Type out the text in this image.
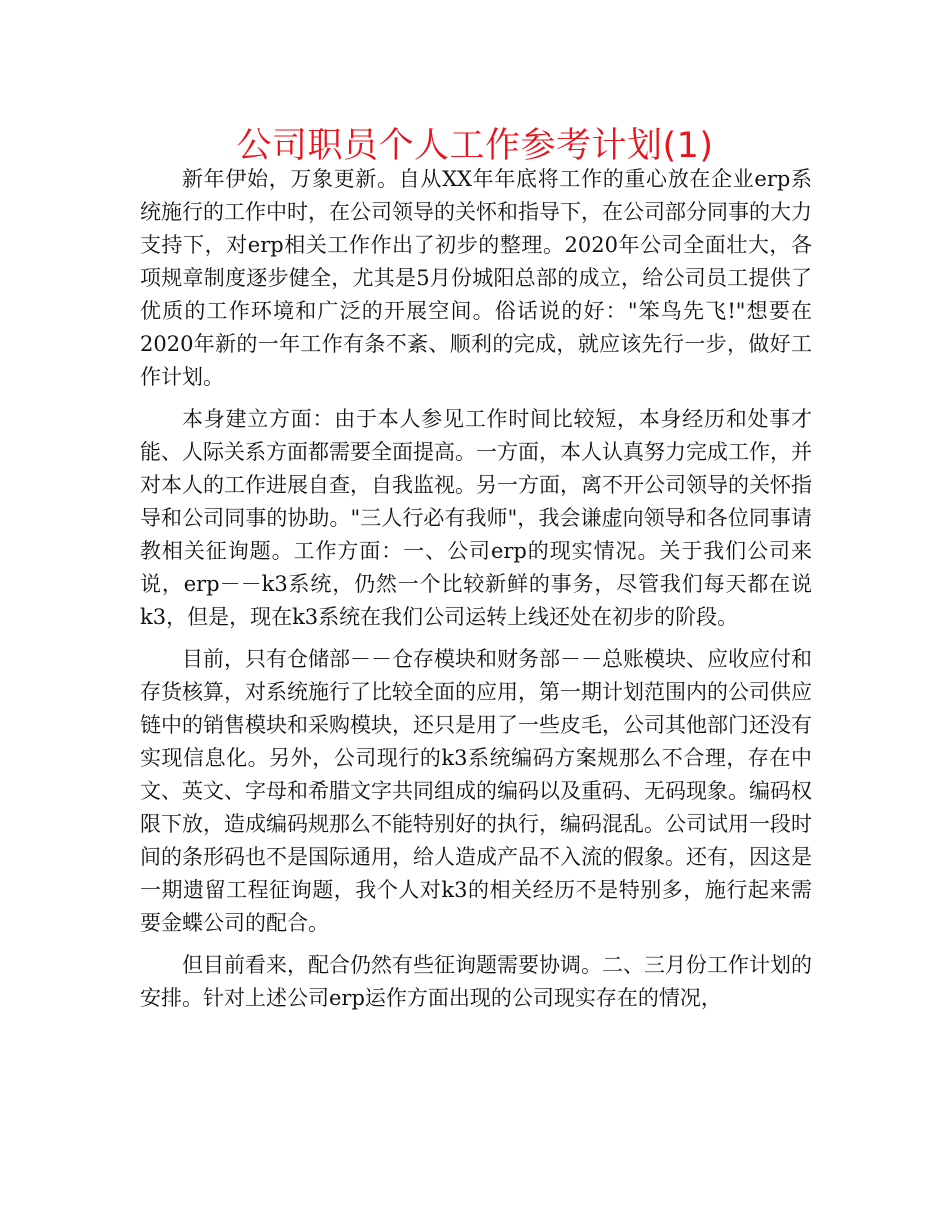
公司职员个人工作参考计划(1)

新年伊始，万象更新。自从XX年年底将工作的重心放在企业erp系统施行的工作中时，在公司领导的关怀和指导下，在公司部分同事的大力支持下，对erp相关工作作出了初步的整理。2020年公司全面壮大，各项规章制度逐步健全，尤其是5月份城阳总部的成立，给公司员工提供了优质的工作环境和广泛的开展空间。俗话说的好："笨鸟先飞!"想要在2020年新的一年工作有条不紊、顺利的完成，就应该先行一步，做好工作计划。

本身建立方面：由于本人参见工作时间比较短，本身经历和处事才能、人际关系方面都需要全面提高。一方面，本人认真努力完成工作，并对本人的工作进展自查，自我监视。另一方面，离不开公司领导的关怀指导和公司同事的协助。"三人行必有我师"，我会谦虚向领导和各位同事请教相关征询题。工作方面：一、公司erp的现实情况。关于我们公司来说，erp－－k3系统，仍然一个比较新鲜的事务，尽管我们每天都在说k3，但是，现在k3系统在我们公司运转上线还处在初步的阶段。

目前，只有仓储部－－仓存模块和财务部－－总账模块、应收应付和存货核算，对系统施行了比较全面的应用，第一期计划范围内的公司供应链中的销售模块和采购模块，还只是用了一些皮毛，公司其他部门还没有实现信息化。另外，公司现行的k3系统编码方案规那么不合理，存在中文、英文、字母和希腊文字共同组成的编码以及重码、无码现象。编码权限下放，造成编码规那么不能特别好的执行，编码混乱。公司试用一段时间的条形码也不是国际通用，给人造成产品不入流的假象。还有，因这是一期遗留工程征询题，我个人对k3的相关经历不是特别多，施行起来需要金蝶公司的配合。

但目前看来，配合仍然有些征询题需要协调。二、三月份工作计划的安排。针对上述公司erp运作方面出现的公司现实存在的情况，
